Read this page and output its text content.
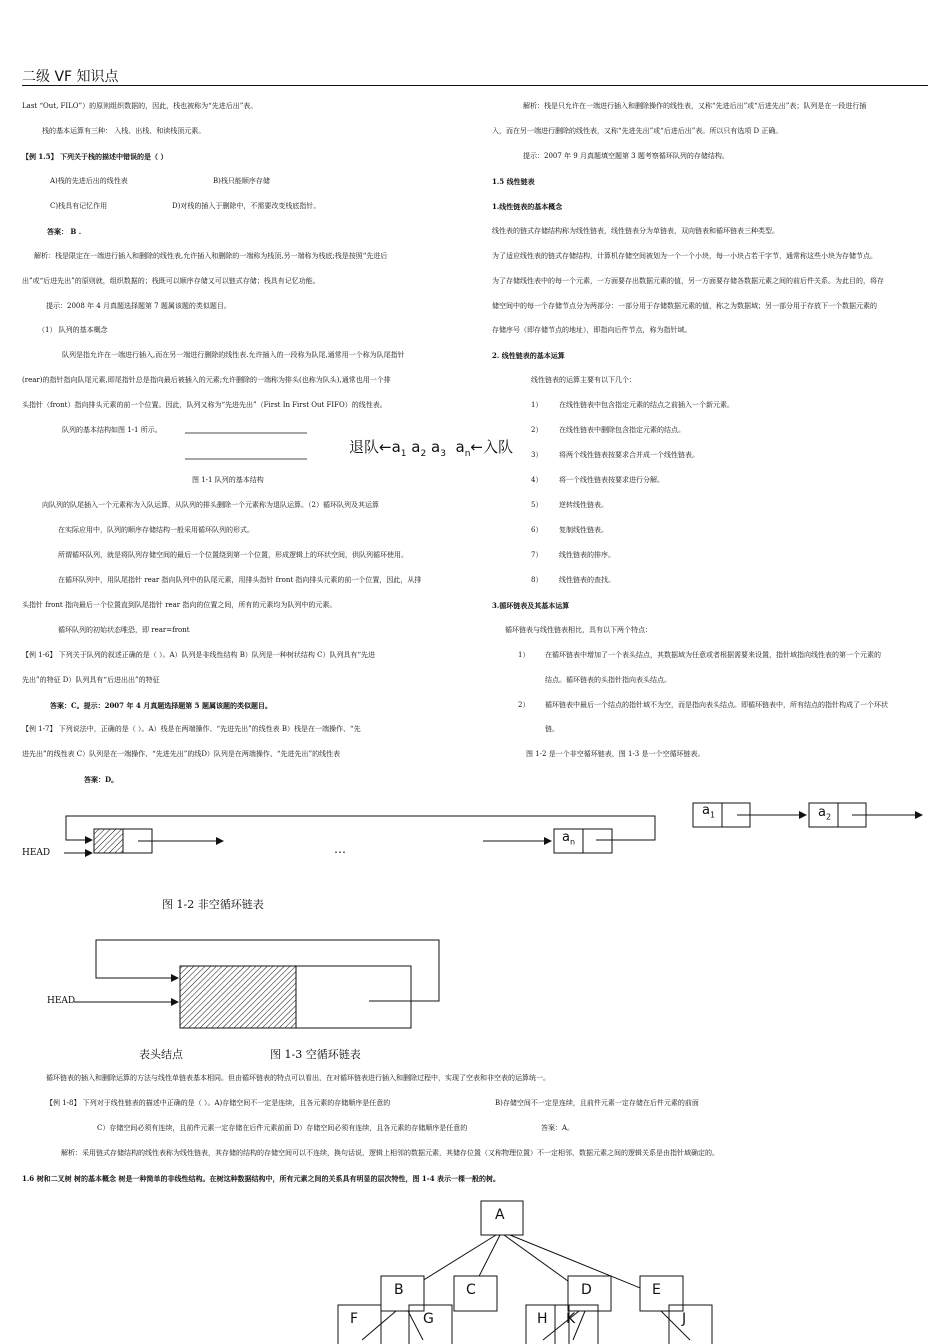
二级 VF 知识点
Last “Out, FILO”）的原则组织数据的，因此，栈也被称为“先进后出”表。
栈的基本运算有三种： 入栈、出栈、和读栈顶元素。
【例 1.5】 下列关于栈的描述中错误的是（ ）
A)栈的先进后出的线性表	B)栈只能顺序存储
C)栈具有记忆作用	D)对栈的插入于删除中，不需要改变栈底指针。
答案： B .
解析：栈是限定在一端进行插入和删除的线性表,允许插入和删除的一端称为栈顶,另一端称为栈底;栈是按照“先进后
出”或“后进先出”的原则就，组织数据的；栈既可以顺序存储又可以链式存储；栈具有记忆功能。
提示：2008 年 4 月真题选择题第 7 题属该题的类似题目。
（1） 队列的基本概念
队列是指允许在一端进行插入,而在另一端进行删除的线性表.允许插入的一段称为队尾,通常用一个称为队尾指针
(rear)的指针指向队尾元素,即尾指针总是指向最后被插入的元素;允许删除的一端称为排头(也称为队头),通常也用一个排
头指针（front）指向排头元素的前一个位置。因此，队列又称为“先进先出”（First In First Out FIFO）的线性表。
队列的基本结构如图 1-1 所示。
图 1-1 队列的基本结构
向队列的队尾插入一个元素称为入队运算，从队列的排头删除一个元素称为退队运算。（2）循环队列及其运算
在实际应用中，队列的顺序存储结构一般采用循环队列的形式。
所谓循环队列，就是将队列存储空间的最后一个位置绕到第一个位置，形成逻辑上的环状空间，供队列循环使用。
在循环队列中，用队尾指针 rear 指向队列中的队尾元素，用排头指针 front 指向排头元素的前一个位置，因此，从排
头指针 front 指向最后一个位置直到队尾指针 rear 指向的位置之间，所有的元素均为队列中的元素。
循环队列的初始状态唯恐，即 rear=front
【例 1-6】 下列关于队列的叙述正确的是（ ）。A）队列是非线性结构 B）队列是一种树状结构 C）队列具有“先进
先出”的特征 D）队列具有“后进出出”的特征
答案：C。提示：2007 年 4 月真题选择题第 5 题属该题的类似题目。
【例 1-7】 下列说法中，正确的是（ ）。A）栈是在两端操作、“先进先出”的线性表 B）栈是在一端操作、“先
进先出”的线性表 C）队列是在一端操作、“先进先出”的线D）队列是在两端操作、“先进先出”的线性表
答案：D。
解析：栈是只允许在一端进行插入和删除操作的线性表，又称“先进后出”或“后进先出”表；队列是在一段进行插
入，而在另一端进行删除的线性表，又称“先进先出”或“后进后出”表。所以只有选项 D 正确。
提示：2007 年 9 月真题填空题第 3 题考察循环队列的存储结构。
1.5 线性链表
1.线性链表的基本概念
线性表的链式存储结构称为线性链表，线性链表分为单链表，双向链表和循环链表三种类型。
为了适应线性表的链式存储结构，计算机存储空间被划为一个一个小块，每一小块占若干字节，通常称这些小块为存储节点。
为了存储线性表中的每一个元素，一方面要存出数据元素的值，另一方面要存储各数据元素之间的前后件关系。为此目的，将存
储空间中的每一个存储节点分为两部分：一部分用于存储数据元素的值，称之为数据域；另一部分用于存放下一个数据元素的
存储序号（即存储节点的地址），即指向后件节点，称为指针域。
2. 线性链表的基本运算
线性链表的运算主要有以下几个：
1） 在线性链表中包含指定元素的结点之前插入一个新元素。
2） 在线性链表中删除包含指定元素的结点。
3） 将两个线性链表按要求合并成一个线性链表。
4） 将一个线性链表按要求进行分解。
5） 逆转线性链表。
6） 复制线性链表。
7） 线性链表的排序。
8） 线性链表的查找。
3.循环链表及其基本运算
循环链表与线性链表相比，具有以下两个特点：
1） 在循环链表中增加了一个表头结点，其数据域为任意或者根据需要来设置，指针域指向线性表的第一个元素的
结点。循环链表的头指针指向表头结点。
2） 循环链表中最后一个结点的指针域不为空，而是指向表头结点。即循环链表中，所有结点的指针构成了一个环状
链。
图 1-2 是一个非空循环链表，图 1-3 是一个空循环链表。
退队$\leftarrow a_1$ $a_2$ $a_3$ $a_n\leftarrow$入队
HEAD	…
$a_n$
$a_1$	$a_2$
图 1-2 非空循环链表
HEAD
表头结点	图 1-3 空循环链表
循环链表的插入和删除运算的方法与线性单链表基本相同。但由循环链表的特点可以看出，在对循环链表进行插入和删除过程中，实现了空表和非空表的运算统一。
【例 1-8】 下列对于线性链表的描述中正确的是（ ）。A)存储空间不一定是连续，且各元素的存储顺序是任意的	B)存储空间不一定是连续，且前件元素一定存储在后件元素的前面
C）存储空间必须有连续，且前件元素一定存储在后件元素前面 D）存储空间必须有连续，且各元素的存储顺序是任意的	答案：A。
解析：采用链式存储结构的线性表称为线性链表，其存储的结构的存储空间可以不连续，换句话说，逻辑上相邻的数据元素，其储存位置（又称物理位置）不一定相邻，数据元素之间的逻辑关系是由指针域确定的。
1.6 树和二叉树 树的基本概念 树是一种简单的非线性结构。在树这种数据结构中，所有元素之间的关系具有明显的层次特性，图 1-4 表示一棵一般的树。
A
B	C	D	E
F	G	H K	J
